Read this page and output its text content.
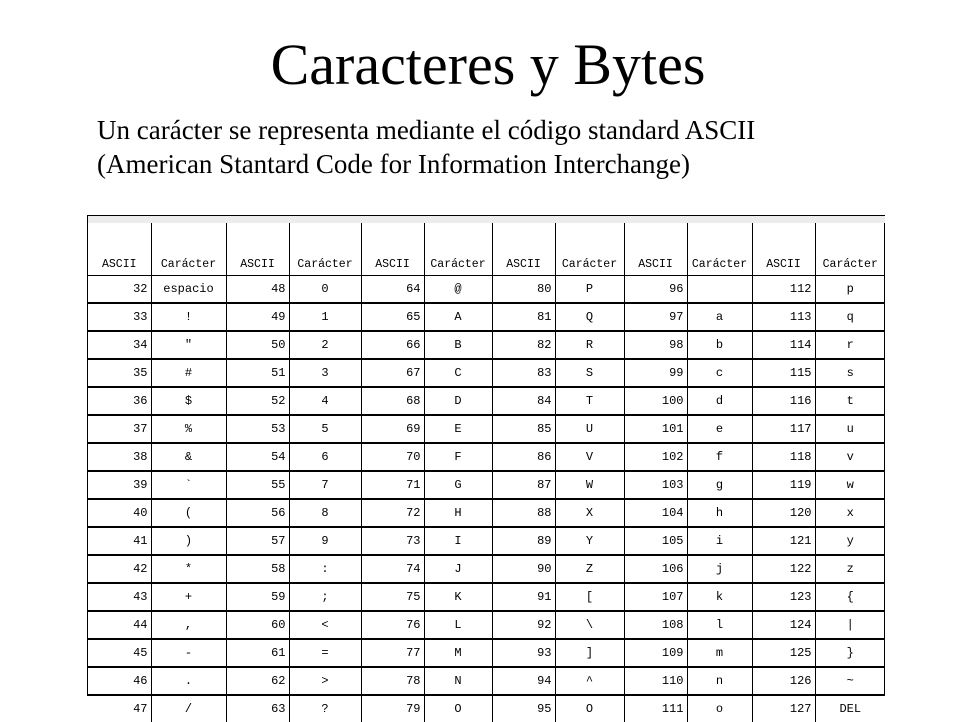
Caracteres y Bytes
Un carácter se representa mediante el código standard ASCII
(American Stantard Code for Information Interchange)
ASCII	Carácter	ASCII	Carácter	ASCII	Carácter	ASCII	Carácter	ASCII	Carácter	ASCII	Carácter
32	espacio	48	0	64	@	80	P	96		112	p
33	!	49	1	65	A	81	Q	97	a	113	q
34	"	50	2	66	B	82	R	98	b	114	r
35	#	51	3	67	C	83	S	99	c	115	s
36	$	52	4	68	D	84	T	100	d	116	t
37	%	53	5	69	E	85	U	101	e	117	u
38	&	54	6	70	F	86	V	102	f	118	v
39	`	55	7	71	G	87	W	103	g	119	w
40	(	56	8	72	H	88	X	104	h	120	x
41	)	57	9	73	I	89	Y	105	i	121	y
42	*	58	:	74	J	90	Z	106	j	122	z
43	+	59	;	75	K	91	[	107	k	123	{
44	,	60	<	76	L	92	\	108	l	124	|
45	-	61	=	77	M	93	]	109	m	125	}
46	.	62	>	78	N	94	^	110	n	126	~
47	/	63	?	79	O	95	O	111	o	127	DEL
